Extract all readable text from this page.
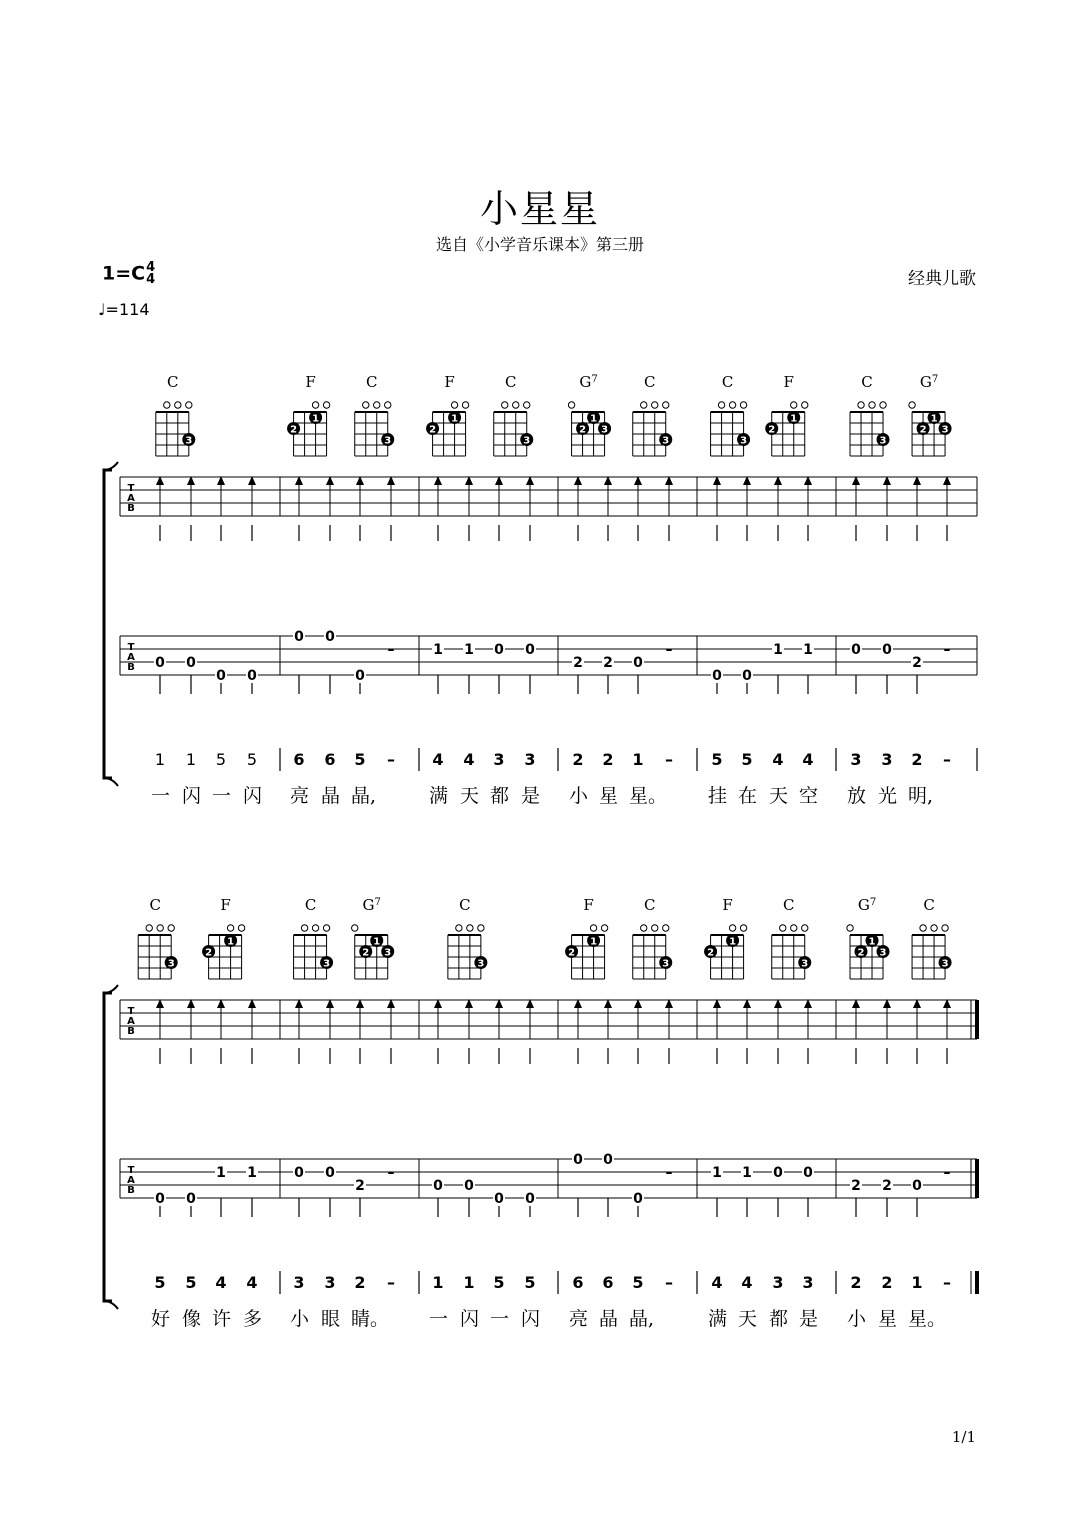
小星星
选自《小学音乐课本》第三册
1=C4
4
♩=114
经典儿歌
1/1
C
3
F
2
1
C
3
F
2
1
C
3
$G^7$
2
1
3
C
3
C
3
F
2
1
C
3
$G^7$
2
1
3
T
A
B
T
A
B 0 0
0 0
0 0
0
–	1 1 0 0
2 2 0
–
0 0
1 1	0 0
2
–
1 1 5 5 6 6 5 – 4 4 3 3 2 2 1 – 5 5 4 4 3 3 2 –
一 闪 一 闪 亮 晶 晶,	满 天 都 是 小 星 星。 挂 在 天 空 放 光 明,
C
3
F
2
1
C
3
$G^7$
2
1
3
C
3
F
2
1
C
3
F
2
1
C
3
$G^7$
2
1
3
C
3
T
A
B
T
A
B
0 0
1 1	0 0
2
–
0 0
0 0
0 0
0
–	1 1 0 0
2 2 0
–
5 5 4 4 3 3 2 – 1 1 5 5 6 6 5 – 4 4 3 3 2 2 1 –
好 像 许 多 小 眼 睛。 一 闪 一 闪 亮 晶 晶,	满 天 都 是 小 星 星。
